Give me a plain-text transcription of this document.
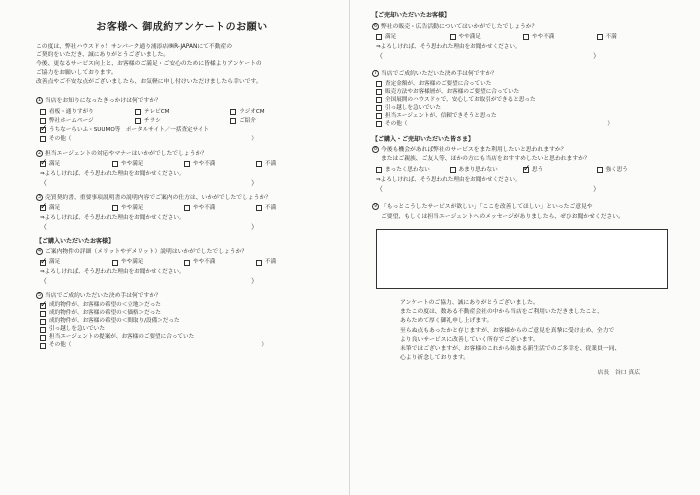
お客様へ 御成約アンケートのお願い

この度は、弊社ハウスドゥ！サンパーク通り浦添店㈱R-JAPANにて不動産の

ご契約をいただき、誠にありがとうございました。

今後、更なるサービス向上と、お客様のご満足・ご安心のために皆様よりアンケートの

ご協力をお願いしております。

改善点やご不安な点がございましたら、お気軽に申し付けいただけましたら幸いです。

1 当店をお知りになったきっかけは何ですか？
看板・通りすがり	テレビCM	ラジオCM
弊社ホームページ	チラシ	ご紹介
✓
うちなーらいふ・SUUMO等　ポータルサイト／一括査定サイト
その他（	）
2 担当エージェントの対応やマナーはいかがでしたでしょうか？
✓
満足	やや満足	やや不満	不満
⇒よろしければ、そう思われた理由をお聞かせください。
（	）
3 売買契約書、重要事項説明書の説明内容でご案内の仕方は、いかがでしたでしょうか？
✓
満足	やや満足	やや不満	不満
⇒よろしければ、そう思われた理由をお聞かせください。
（	）
【ご購入いただいたお客様】
4 ご案内物件の詳細（メリットやデメリット）説明はいかがでしたでしょうか？
✓
満足	やや満足	やや不満	不満
⇒よろしければ、そう思われた理由をお聞かせください。
（	）
5 当店でご成約いただいた決め手は何ですか？
✓
成約物件が、お客様の希望の＜立地＞だった
成約物件が、お客様の希望の＜価格＞だった
成約物件が、お客様の希望の＜間取り/設備＞だった
引っ越しを急いでいた
担当エージェントの提案が、お客様のご要望に合っていた
その他（	）
【ご売却いただいたお客様】
6 弊社の販売・広告活動についてはいかがでしたでしょうか？
満足	やや満足	やや不満	不満
⇒よろしければ、そう思われた理由をお聞かせください。
（	）
7 当店でご成約いただいた決め手は何ですか？
査定金額が、お客様のご要望に合っていた
販売方法やお客様層が、お客様のご要望に合っていた
全国展開のハウスドゥで、安心してお取引ができると思った
引っ越しを急いでいた
担当エージェントが、信頼できそうと思った
その他（	）
【ご購入・ご売却いただいた皆さま】
8 今後も機会があれば弊社のサービスをまた利用したいと思われますか？
またはご親族、ご友人等、ほかの方にも当店をおすすめしたいと思われますか？
まったく思わない	あまり思わない
✓	思う	強く思う
⇒よろしければ、そう思われた理由をお聞かせください。
（	）
9 「もっとこうしたサービスが欲しい」「ここを改善してほしい」といったご意見や
ご要望、もしくは担当エージェントへのメッセージがありましたら、ぜひお聞かせください。

アンケートのご協力、誠にありがとうございました。

またこの度は、数ある不動産会社の中から当店をご利用いただきましたこと、

あらためて厚く御礼申し上げます。

至らぬ点もあったかと存じますが、お客様からのご意見を真摯に受け止め、全力で

より良いサービスに改善していく所存でございます。

未筆ではございますが、お客様のこれから始まる新生活でのご多幸を、従業員一同、

心より祈念しております。

店長　谷口 真広
